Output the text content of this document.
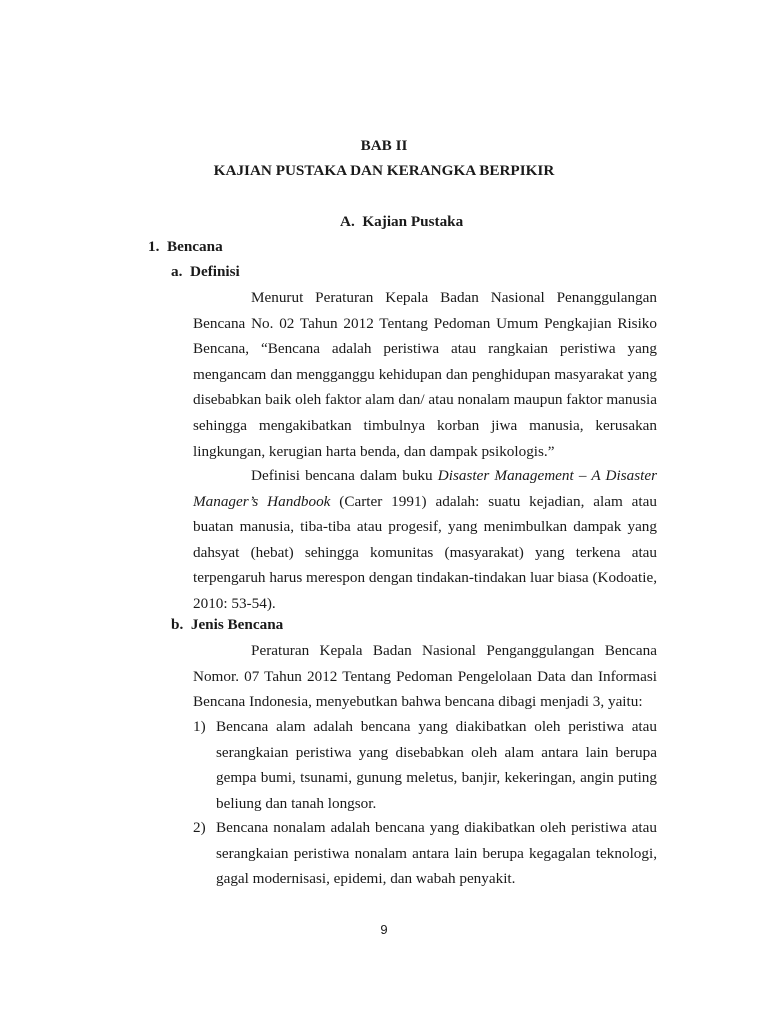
BAB II
KAJIAN PUSTAKA DAN KERANGKA BERPIKIR
A. Kajian Pustaka
1. Bencana
a. Definisi
Menurut Peraturan Kepala Badan Nasional Penanggulangan Bencana No. 02 Tahun 2012 Tentang Pedoman Umum Pengkajian Risiko Bencana, “Bencana adalah peristiwa atau rangkaian peristiwa yang mengancam dan mengganggu kehidupan dan penghidupan masyarakat yang disebabkan baik oleh faktor alam dan/ atau nonalam maupun faktor manusia sehingga mengakibatkan timbulnya korban jiwa manusia, kerusakan lingkungan, kerugian harta benda, dan dampak psikologis.”
Definisi bencana dalam buku Disaster Management – A Disaster Manager’s Handbook (Carter 1991) adalah: suatu kejadian, alam atau buatan manusia, tiba-tiba atau progesif, yang menimbulkan dampak yang dahsyat (hebat) sehingga komunitas (masyarakat) yang terkena atau terpengaruh harus merespon dengan tindakan-tindakan luar biasa (Kodoatie, 2010: 53-54).
b. Jenis Bencana
Peraturan Kepala Badan Nasional Penganggulangan Bencana Nomor. 07 Tahun 2012 Tentang Pedoman Pengelolaan Data dan Informasi Bencana Indonesia, menyebutkan bahwa bencana dibagi menjadi 3, yaitu:
1) Bencana alam adalah bencana yang diakibatkan oleh peristiwa atau serangkaian peristiwa yang disebabkan oleh alam antara lain berupa gempa bumi, tsunami, gunung meletus, banjir, kekeringan, angin puting beliung dan tanah longsor.
2) Bencana nonalam adalah bencana yang diakibatkan oleh peristiwa atau serangkaian peristiwa nonalam antara lain berupa kegagalan teknologi, gagal modernisasi, epidemi, dan wabah penyakit.
9
